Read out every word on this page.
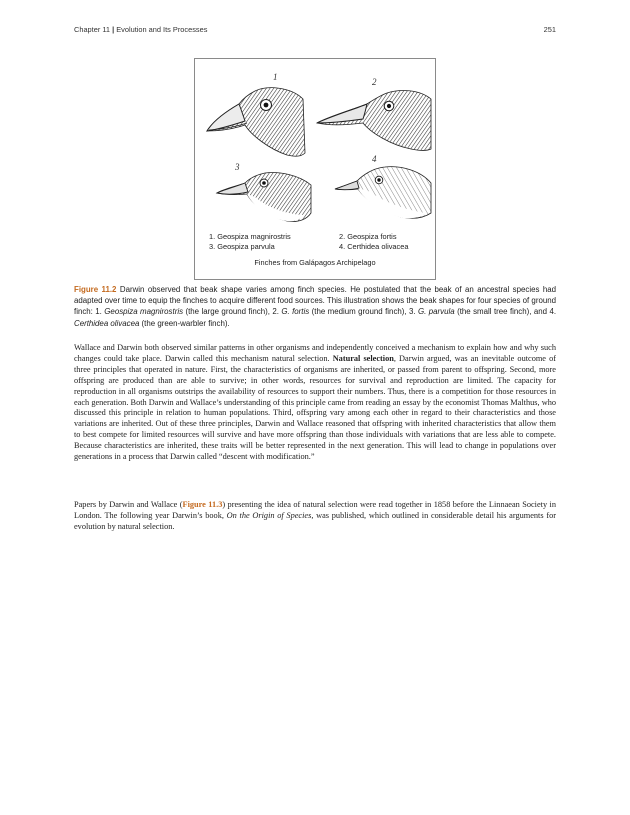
Chapter 11 | Evolution and Its Processes	251
1	2
3
4
1. Geospiza magnirostris
3. Geospiza parvula
2. Geospiza fortis
4. Certhidea olivacea
Finches from Galápagos Archipelago
Figure 11.2 Darwin observed that beak shape varies among finch species. He postulated that the beak of an ancestral species had adapted over time to equip the finches to acquire different food sources. This illustration shows the beak shapes for four species of ground finch: 1. Geospiza magnirostris (the large ground finch), 2. G. fortis (the medium ground finch), 3. G. parvula (the small tree finch), and 4. Certhidea olivacea (the green-warbler finch).
Wallace and Darwin both observed similar patterns in other organisms and independently conceived a mechanism to explain how and why such changes could take place. Darwin called this mechanism natural selection. Natural selection, Darwin argued, was an inevitable outcome of three principles that operated in nature. First, the characteristics of organisms are inherited, or passed from parent to offspring. Second, more offspring are produced than are able to survive; in other words, resources for survival and reproduction are limited. The capacity for reproduction in all organisms outstrips the availability of resources to support their numbers. Thus, there is a competition for those resources in each generation. Both Darwin and Wallace’s understanding of this principle came from reading an essay by the economist Thomas Malthus, who discussed this principle in relation to human populations. Third, offspring vary among each other in regard to their characteristics and those variations are inherited. Out of these three principles, Darwin and Wallace reasoned that offspring with inherited characteristics that allow them to best compete for limited resources will survive and have more offspring than those individuals with variations that are less able to compete. Because characteristics are inherited, these traits will be better represented in the next generation. This will lead to change in populations over generations in a process that Darwin called “descent with modification.”
Papers by Darwin and Wallace (Figure 11.3) presenting the idea of natural selection were read together in 1858 before the Linnaean Society in London. The following year Darwin’s book, On the Origin of Species, was published, which outlined in considerable detail his arguments for evolution by natural selection.
